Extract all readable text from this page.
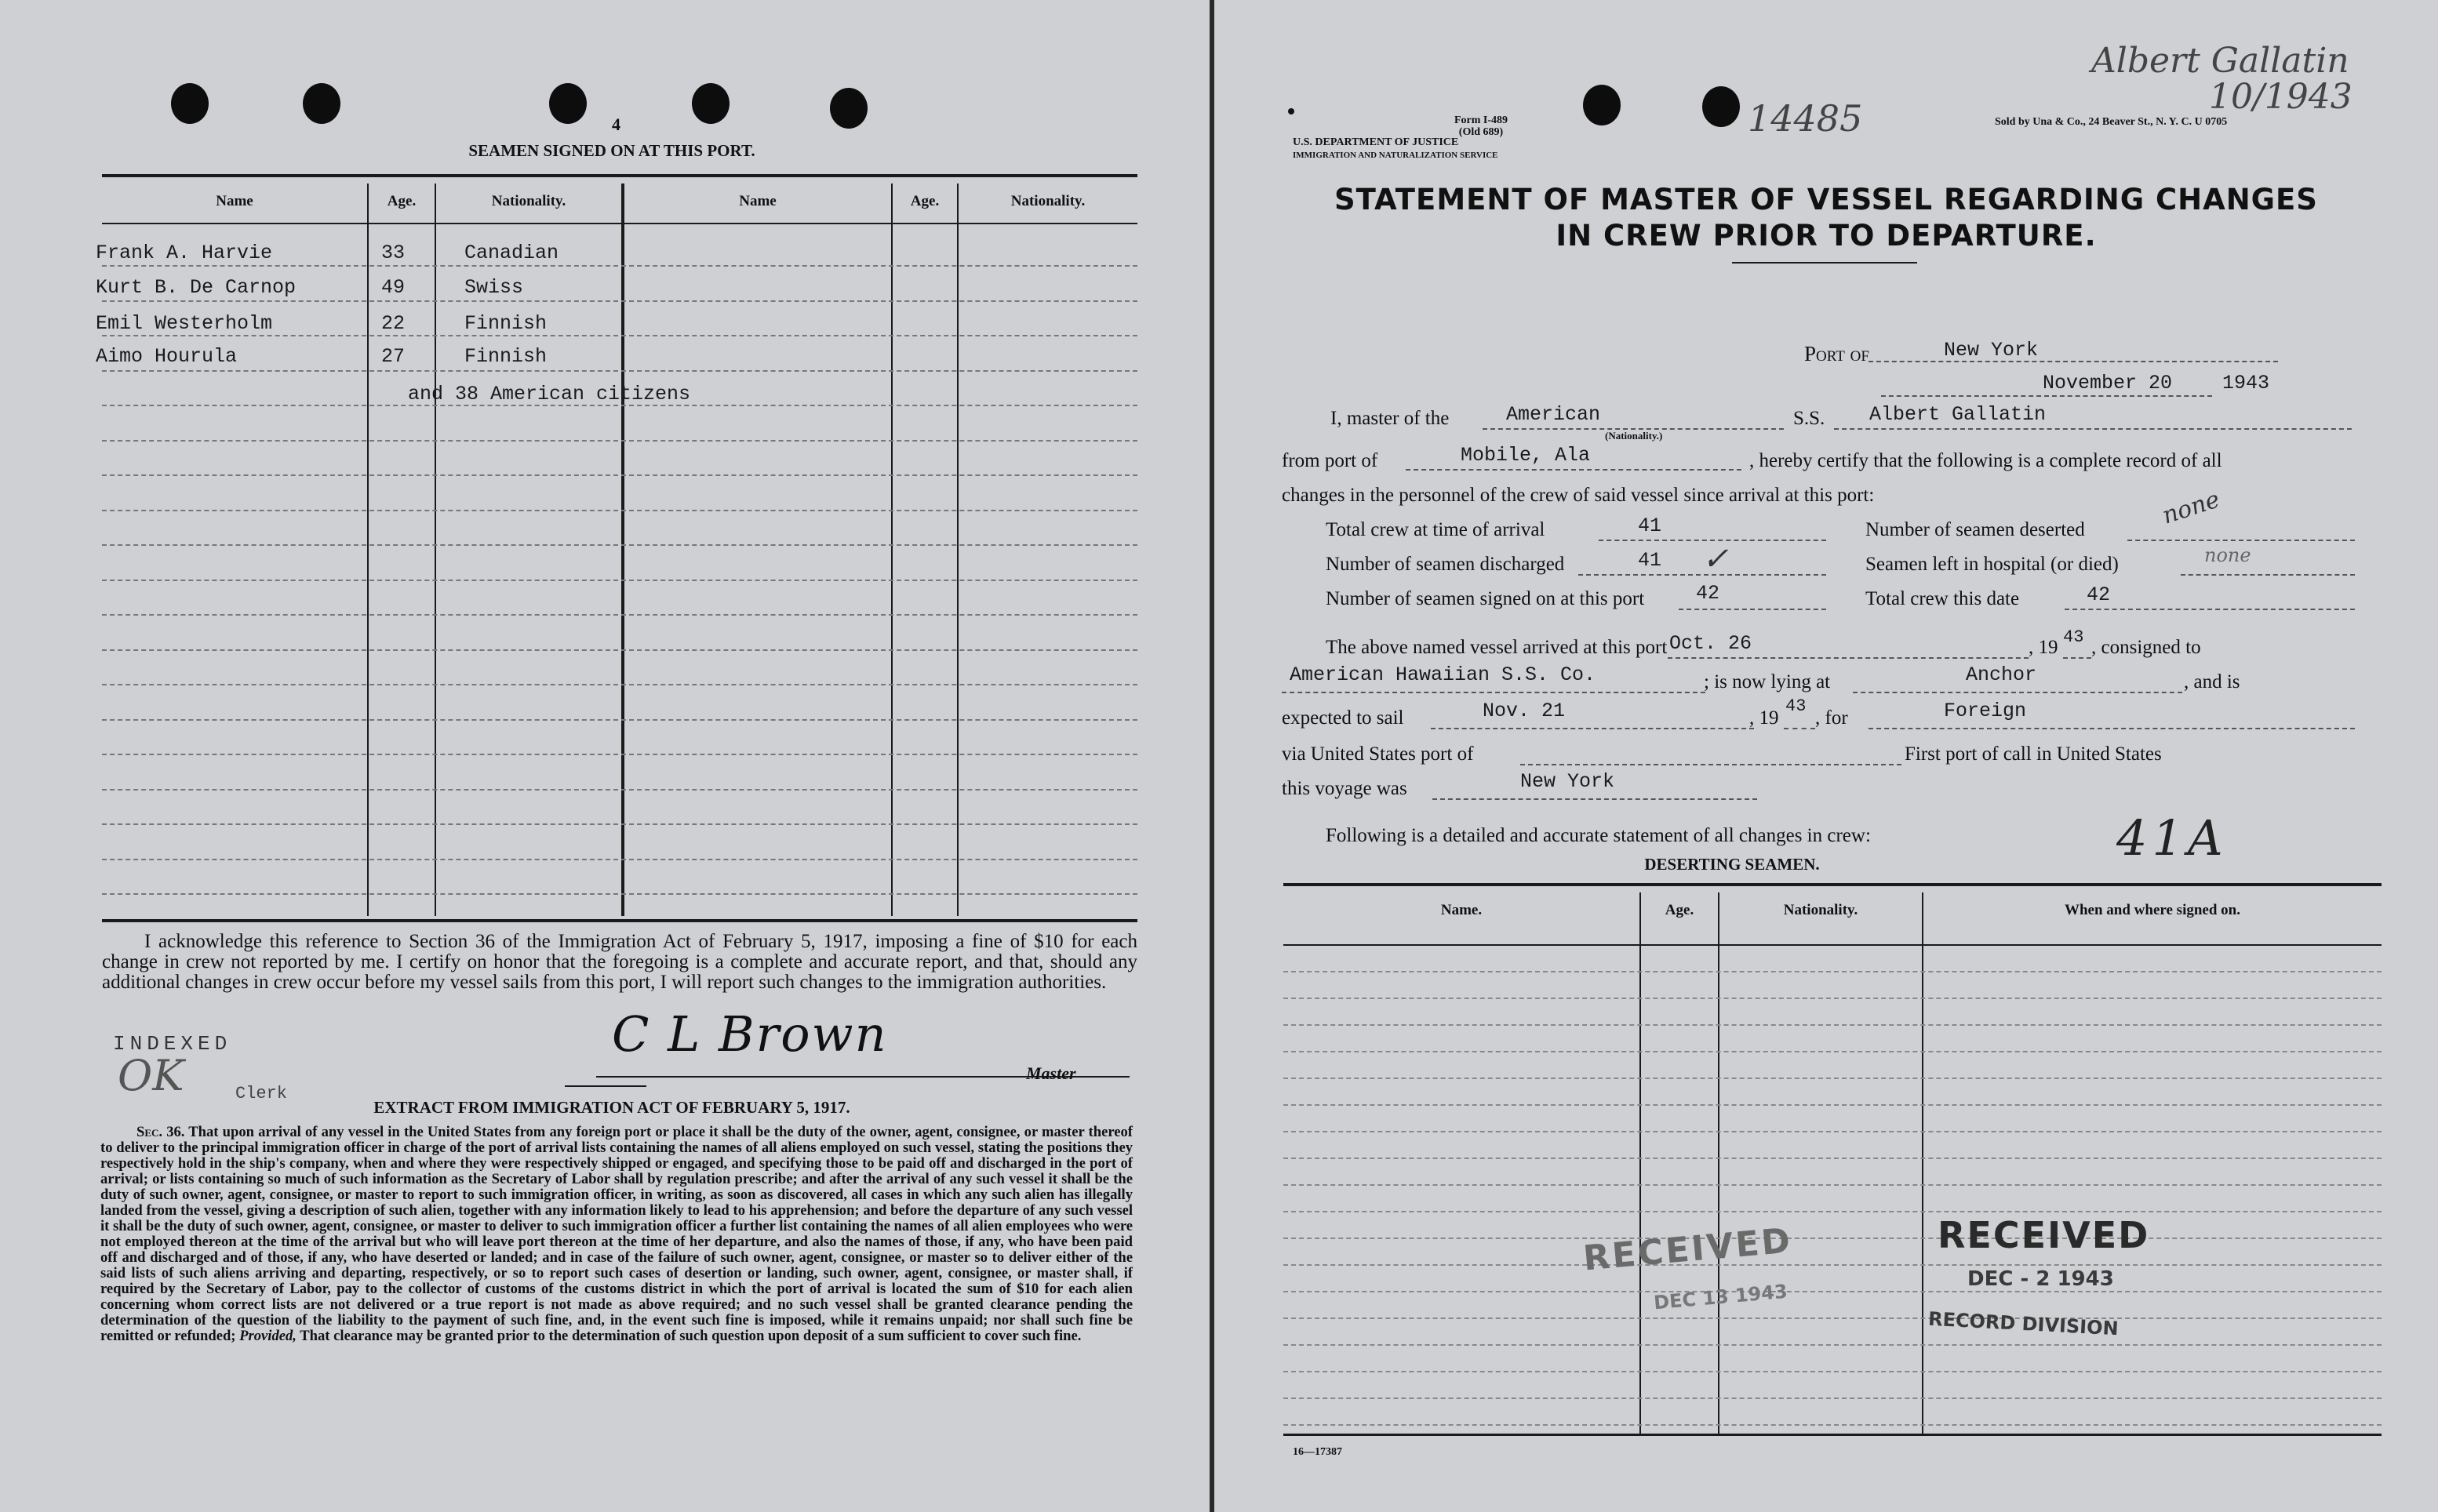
4
SEAMEN SIGNED ON AT THIS PORT.
Name	Age.	Nationality.	Name	Age.	Nationality.
Frank A. Harvie	33	Canadian
Kurt B. De Carnop	49	Swiss
Emil Westerholm	22	Finnish
Aimo Hourula	27	Finnish
and 38 American citizens
I acknowledge this reference to Section 36 of the Immigration Act of February 5, 1917, imposing a fine of $10 for each change in crew not reported by me. I certify on honor that the foregoing is a complete and accurate report, and that, should any additional changes in crew occur before my vessel sails from this port, I will report such changes to the immigration authorities.
INDEXED
OK	Clerk
C L Brown
Master
EXTRACT FROM IMMIGRATION ACT OF FEBRUARY 5, 1917.
Sec. 36. That upon arrival of any vessel in the United States from any foreign port or place it shall be the duty of the owner, agent, consignee, or master thereof to deliver to the principal immigration officer in charge of the port of arrival lists containing the names of all aliens employed on such vessel, stating the positions they respectively hold in the ship's company, when and where they were respectively shipped or engaged, and specifying those to be paid off and discharged in the port of arrival; or lists containing so much of such information as the Secretary of Labor shall by regulation prescribe; and after the arrival of any such vessel it shall be the duty of such owner, agent, consignee, or master to report to such immigration officer, in writing, as soon as discovered, all cases in which any such alien has illegally landed from the vessel, giving a description of such alien, together with any information likely to lead to his apprehension; and before the departure of any such vessel it shall be the duty of such owner, agent, consignee, or master to deliver to such immigration officer a further list containing the names of all alien employees who were not employed thereon at the time of the arrival but who will leave port thereon at the time of her departure, and also the names of those, if any, who have been paid off and discharged and of those, if any, who have deserted or landed; and in case of the failure of such owner, agent, consignee, or master so to deliver either of the said lists of such aliens arriving and departing, respectively, or so to report such cases of desertion or landing, such owner, agent, consignee, or master shall, if required by the Secretary of Labor, pay to the collector of customs of the customs district in which the port of arrival is located the sum of $10 for each alien concerning whom correct lists are not delivered or a true report is not made as above required; and no such vessel shall be granted clearance pending the determination of the question of the liability to the payment of such fine, and, in the event such fine is imposed, while it remains unpaid; nor shall such fine be remitted or refunded; Provided, That clearance may be granted prior to the determination of such question upon deposit of a sum sufficient to cover such fine.
Form I-489
(Old 689)
U.S. DEPARTMENT OF JUSTICE
IMMIGRATION AND NATURALIZATION SERVICE
14485	Sold by Una & Co., 24 Beaver St., N. Y. C. U 0705
Albert Gallatin
10/1943
STATEMENT OF MASTER OF VESSEL REGARDING CHANGES
IN CREW PRIOR TO DEPARTURE.
Port of	New York
November 20	1943
I, master of the	American
(Nationality.)
S.S. Albert Gallatin
from port of	Mobile, Ala	, hereby certify that the following is a complete record of all
changes in the personnel of the crew of said vessel since arrival at this port:
Total crew at time of arrival	41	Number of seamen deserted	none
Number of seamen discharged	41 ✓	Seamen left in hospital (or died)	none
Number of seamen signed on at this port	42	Total crew this date	42
The above named vessel arrived at this port Oct. 26	, 19 43 , consigned to
American Hawaiian S.S. Co.	; is now lying at	Anchor	, and is
expected to sail	Nov. 21	, 19
43
, for	Foreign
via United States port of	First port of call in United States
this voyage was	New York
Following is a detailed and accurate statement of all changes in crew:	41A
DESERTING SEAMEN.
Name.	Age.	Nationality.	When and where signed on.
RECEIVED
DEC 13 1943
RECEIVED
DEC - 2 1943
RECORD DIVISION
16—17387
